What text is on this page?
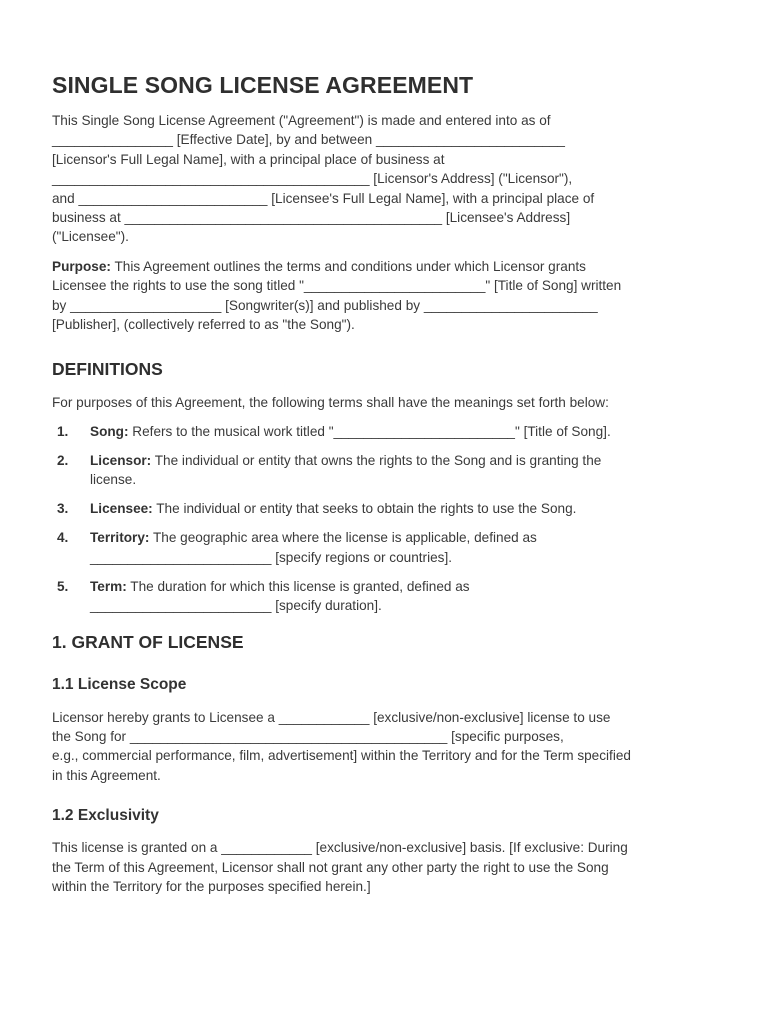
SINGLE SONG LICENSE AGREEMENT

This Single Song License Agreement ("Agreement") is made and entered into as of
________________ [Effective Date], by and between _________________________
[Licensor's Full Legal Name], with a principal place of business at
__________________________________________ [Licensor's Address] ("Licensor"),
and _________________________ [Licensee's Full Legal Name], with a principal place of
business at __________________________________________ [Licensee's Address]
("Licensee").

Purpose: This Agreement outlines the terms and conditions under which Licensor grants
Licensee the rights to use the song titled "________________________" [Title of Song] written
by ____________________ [Songwriter(s)] and published by _______________________
[Publisher], (collectively referred to as "the Song").

DEFINITIONS

For purposes of this Agreement, the following terms shall have the meanings set forth below:

1. Song: Refers to the musical work titled "________________________" [Title of Song].
2. Licensor: The individual or entity that owns the rights to the Song and is granting the
license.
3. Licensee: The individual or entity that seeks to obtain the rights to use the Song.
4. Territory: The geographic area where the license is applicable, defined as
________________________ [specify regions or countries].
5. Term: The duration for which this license is granted, defined as
________________________ [specify duration].
1. GRANT OF LICENSE
1.1 License Scope

Licensor hereby grants to Licensee a ____________ [exclusive/non-exclusive] license to use
the Song for __________________________________________ [specific purposes,
e.g., commercial performance, film, advertisement] within the Territory and for the Term specified
in this Agreement.

1.2 Exclusivity

This license is granted on a ____________ [exclusive/non-exclusive] basis. [If exclusive: During
the Term of this Agreement, Licensor shall not grant any other party the right to use the Song
within the Territory for the purposes specified herein.]
